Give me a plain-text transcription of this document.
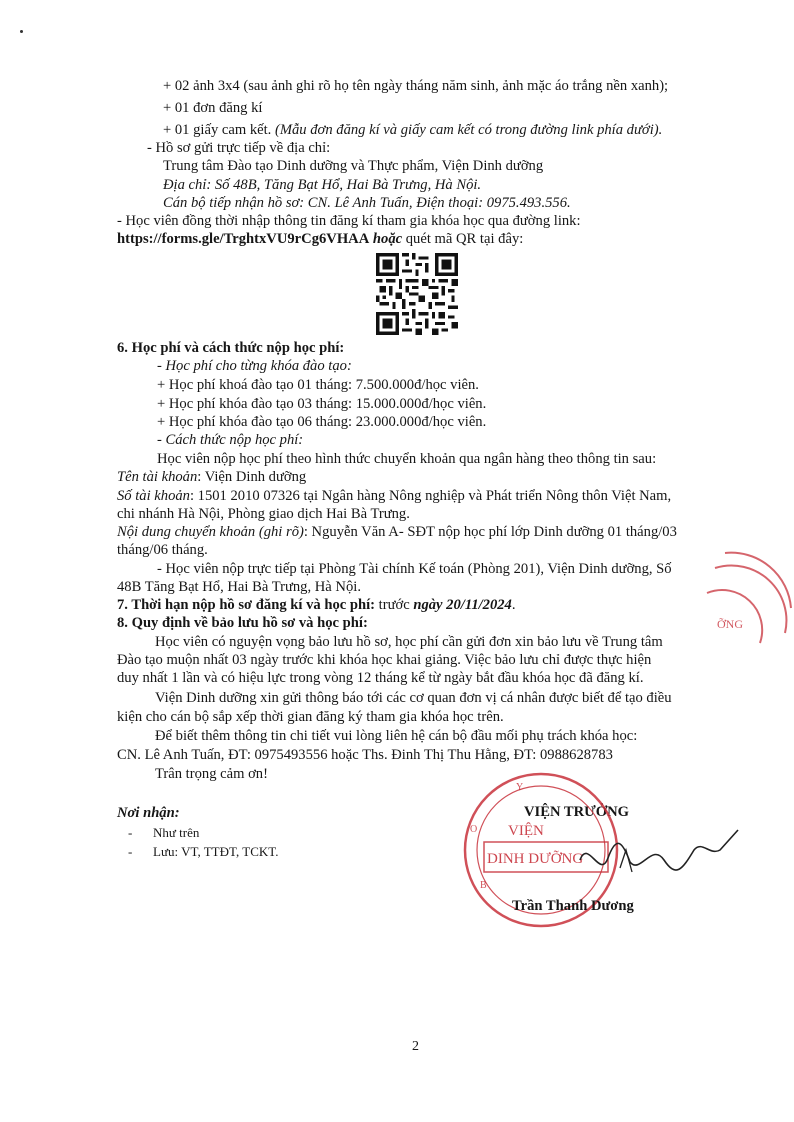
+ 02 ảnh 3x4 (sau ảnh ghi rõ họ tên ngày tháng năm sinh, ảnh mặc áo trắng nền xanh);
+ 01 đơn đăng kí
+ 01 giấy cam kết. (Mẫu đơn đăng kí và giấy cam kết có trong đường link phía dưới).
- Hồ sơ gửi trực tiếp về địa chỉ:
Trung tâm Đào tạo Dinh dưỡng và Thực phẩm, Viện Dinh dưỡng
Địa chỉ: Số 48B, Tăng Bạt Hổ, Hai Bà Trưng, Hà Nội.
Cán bộ tiếp nhận hồ sơ: CN. Lê Anh Tuấn, Điện thoại: 0975.493.556.
- Học viên đồng thời nhập thông tin đăng kí tham gia khóa học qua đường link:
https://forms.gle/TrghtxVU9rCg6VHAA hoặc quét mã QR tại đây:
6. Học phí và cách thức nộp học phí:
- Học phí cho từng khóa đào tạo:
+ Học phí khoá đào tạo 01 tháng: 7.500.000đ/học viên.
+ Học phí khóa đào tạo 03 tháng: 15.000.000đ/học viên.
+ Học phí khóa đào tạo 06 tháng: 23.000.000đ/học viên.
- Cách thức nộp học phí:
Học viên nộp học phí theo hình thức chuyển khoản qua ngân hàng theo thông tin sau:
Tên tài khoản: Viện Dinh dưỡng
Số tài khoản: 1501 2010 07326 tại Ngân hàng Nông nghiệp và Phát triển Nông thôn Việt Nam,
chi nhánh Hà Nội, Phòng giao dịch Hai Bà Trưng.
Nội dung chuyển khoản (ghi rõ): Nguyễn Văn A- SĐT nộp học phí lớp Dinh dưỡng 01 tháng/03
tháng/06 tháng.
- Học viên nộp trực tiếp tại Phòng Tài chính Kế toán (Phòng 201), Viện Dinh dưỡng, Số
48B Tăng Bạt Hổ, Hai Bà Trưng, Hà Nội.
7. Thời hạn nộp hồ sơ đăng kí và học phí: trước ngày 20/11/2024.
8. Quy định về bảo lưu hồ sơ và học phí:
Học viên có nguyện vọng bảo lưu hồ sơ, học phí cần gửi đơn xin bảo lưu về Trung tâm
Đào tạo muộn nhất 03 ngày trước khi khóa học khai giảng. Việc bảo lưu chỉ được thực hiện
duy nhất 1 lần và có hiệu lực trong vòng 12 tháng kể từ ngày bắt đầu khóa học đã đăng kí.
Viện Dinh dưỡng xin gửi thông báo tới các cơ quan đơn vị cá nhân được biết để tạo điều
kiện cho cán bộ sắp xếp thời gian đăng ký tham gia khóa học trên.
Để biết thêm thông tin chi tiết vui lòng liên hệ cán bộ đầu mối phụ trách khóa học:
CN. Lê Anh Tuấn, ĐT: 0975493556 hoặc Ths. Đinh Thị Thu Hằng, ĐT: 0988628783
Trân trọng cảm ơn!
Nơi nhận:
- Như trên
- Lưu: VT, TTĐT, TCKT.
VIỆN TRƯỞNG
Y
O
B
VIỆN
DINH DƯỠNG
ỠNG
Trần Thanh Dương
2
